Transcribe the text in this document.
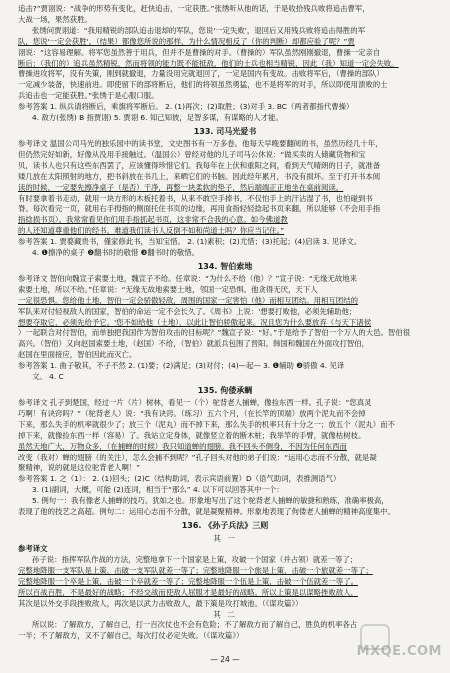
追击?”贾诩说：“战争的形势有变化，赶快追击，一定获胜。”张绣听从他的话，于是收拾残兵败将追击曹军，

大战一场，果然获胜。

张绣问贾诩道：“我用精锐的部队追击退却的军队，您说'一定失败'，退回后又用残兵败将追击得胜的军

队，您说'一定会获胜'。（结果）都像您所说的那样，为什么情况相反了（你的判断）却都应验了呢？”贾

诩说：“这容易理解。将军您虽然善于用兵，但并不是曹操的对手。（曹操的）军队虽然刚刚撤退，曹操一定亲自

断后；（我们的）追兵虽然精锐，然而将领的能力既不能抵敌，他们的士兵也相当精锐，因此（我）知道一定会失败。

曹操进攻将军，没有失策，刚到就撤退，力量没用完就退回了，一定是国内有变故。击败将军后，（曹操的部队）

一定减少装备，快速前进。即使留下的部将断后，他们的将领虽然勇猛，也不是将军的对手，所以即使用溃败的士

兵追击也一定能获胜。”张绣于是心服口服。

参考答案 1. 纵兵请将断后，乘旗将军断后。 2. (1)再次；(2)取胜；(3)对手 3. BC（两者都指代曹操）

4. 敌方(张绣) B 指贾诩) 5. 贾诩 6. 知己知彼，足智多谋，有谋略的人才能。

133. 司马光爱书

参考译文 温国公司马光的独乐园中的读书堂，文史图书有一万多卷。他每天早晚要翻阅的书，虽然历经几十年，

但仍然完好如新，好像从没用手接触过。（温国公）曾经对他的儿子司马公休说：“做买卖的人储藏货物和宝

贝，读书人也只有这些东西罢了，应该懂得珍惜它们。我每年在上伏和重阳之间，看到天气晴朗的日子，就准备

矮几放在太阳照射的地方，把书斜放在书几上，来晒它们的书脑。因此经年累月，书没有损坏。至于打开书本阅

读的时候，一定要先擦净桌子（是否）干净，再整一块柔软的垫子，然后端端正正地坐在桌前阅读。

有时要拿着书走动，就用一块方形的木板托着书，从来不敢空手捧书，不仅怕手上的汗沾湿了书，也怕碰到书

脊。每次看完一页，就用右手拇指的侧面托住书页的边缘，再用食指轻轻捻起书页来翻，所以能够（不会用手指

指捻损书页）。我常常看见你们用手指抓起书页，这非常不合我的心意。如今佛道教

的人还知道尊重他们的经书，难道我们读书人反倒不如和尚道士吗？你应当记住。”

参考答案 1. 贾婺藏贵书，僅家修此书，当知宝惜。 2. (1)素积；(2)尤惜；(3)托起；(4)启读 3. 见译文。

4. ❶擦净的桌子 ❷翻书时的敬惜 ❸翻书时的敬惜。

134. 智伯索地

参考译文 智伯向魏宣子索要土地，魏宣子不给。任章说：“为什么不给（他）？”宣子说：“无缘无故地来

索要土地，所以不给。”任章说：“无缘无故地索要土地，邻国一定恐惧。他贪得无厌，天下人

一定很恐惧。您给他土地，智伯一定会骄傲轻敌，周围的国家一定害怕（他）而相互团结。用相互团结的

军队来对付轻视敌人的国家，智伯的命运一定不会长久了。《周书》上说：'想要打败他，必须先辅助他；

想要夺取它，必须先给予它。'您不如给他（土地），以此让智伯骄傲起来。况且您为什么要放弃（与天下诸侯

）一起联合对付智伯，而单独把我国作为智伯攻击的目标呢？”魏宣子说：“好。”于是给予了智伯一个万人的大邑。智伯很

高兴。（智伯）又向赵国索要土地，（赵国）不给，（智伯）就派兵包围了晋阳。韩国和魏国在外面攻打智伯，

赵国在里面接应，智伯因此而灭亡。

参考答案 1. 曲子敬其，不子不然 2. (1)要；(2)满足；(3)对付；(4)—起— 3. ❶辅助 ❷骄傲 4. 见译

文。 4. C

135. 佝偻承蜩

参考译文 孔子到楚国，经过一片（片）树林，看见一（个）驼背老人捕蝉，像捡东西一样。孔子说：“您真灵

巧啊！有诀窍吗？”（驼背老人）说：“我有诀窍。（练习）五六个月，（在长竿的顶端）放两个泥丸而不会掉

下来，那么失手的机率就很少了；放三个（泥丸）而不掉下来，那么失手的机率只有十分之一；放五个（泥丸）而不

掉下来，就像捡东西一样（容易）了。我站立定身体，就像竖立着的断木桩；我举竿的手臂，就像枯树枝。

虽然天地广大，万物众多，（在捕蝉的时候）我只知道蝉的翅膀。我不回头不侧身，不因为任何东西而

改变（我对）蝉的翅膀（的关注），怎么会捕不到呢？”孔子回头对他的弟子们说：“运用心志而不分散，就是凝

聚精神，说的就是这位驼背老人啊！”

参考答案 1. 之（1）： 2. (1)回头；(2)C（结构助词，表示宾语前置）D（语气助词，表推测语气）

3. (1)副词，大概，可能 (2)连词，相当于“那么” 4. 以下可以回答其中一个：

5. 例句一：我有像老人捕蝉的技巧。犹如之也。形象地写出了这个驼背老人捕蝉的敏捷和熟练，准确率极高，

表现了他的技艺之高超。例句二：运用心志而不分散，就是凝聚精神。形象地表现了佝偻老人捕蝉的精神高度集中。

136. 《孙子兵法》三则

其 一

参考译文

孙子说：指挥军队作战的方法，完整地拿下一个国家是上策，攻破一个国家（并占领）就差一等了；

完整地降服一支军队是上策，击破一支军队就差一等了；完整地降服一个旅是上策，击破一个旅就差一等了；

完整地降服一个卒是上策，击破一个卒就差一等了；完整地降服一个伍是上策，击破一个伍就差一等了。

所以百战百胜，不是最好的战略；不经交战而使敌人屈服才是最好的战略。所以上策是以谋略挫败敌人，

其次是以外交手段挫败敌人，再次是以武力击败敌人，最下策是攻打城池。（《谋攻篇》）

其 二

所以说：了解敌方，了解自己，打一百次仗也不会有危险；不了解敌方而了解自己，胜负的机率各占

一半；不了解敌方，又不了解自己，每次打仗必定失败。（《谋攻篇》）

— 24 —
MXQE.COM
